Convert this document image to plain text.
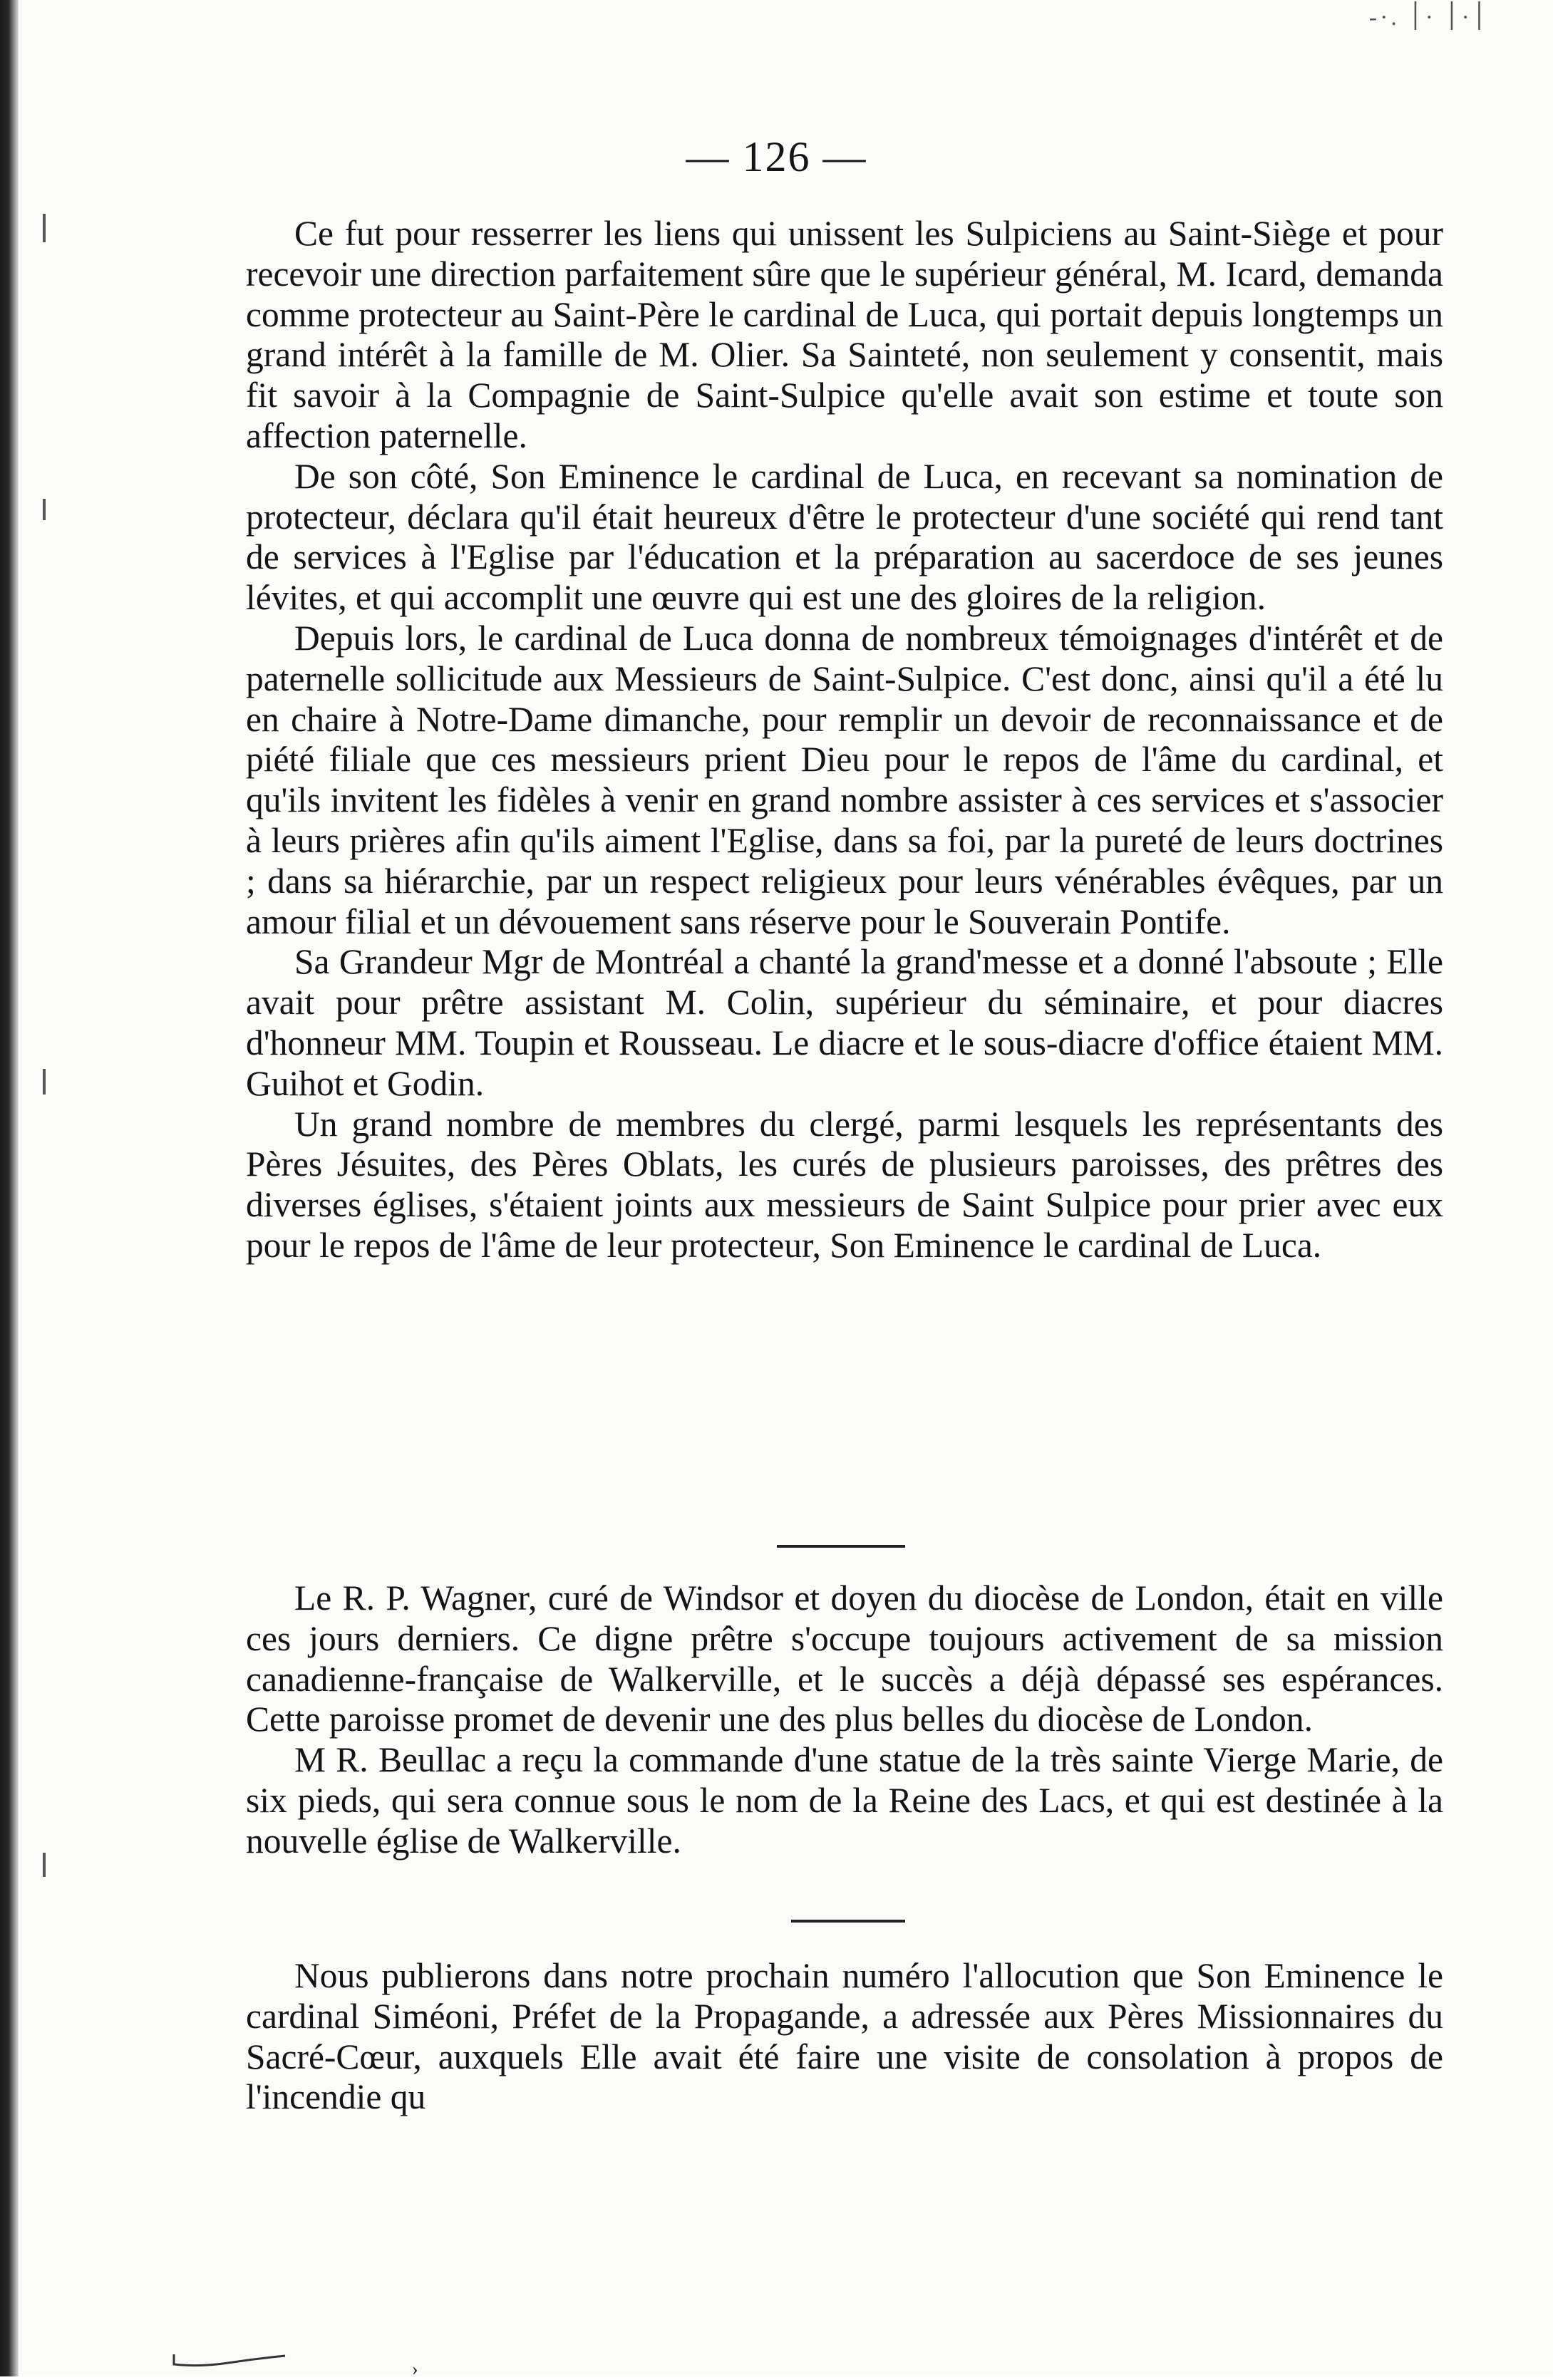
-·. ׀·׀ ·׀
— 126 —

Ce fut pour resserrer les liens qui unissent les Sulpiciens au Saint-Siège et pour recevoir une direction parfaitement sûre que le supérieur général, M. Icard, demanda comme protecteur au Saint-Père le cardinal de Luca, qui portait depuis longtemps un grand intérêt à la famille de M. Olier. Sa Sainteté, non seulement y consentit, mais fit savoir à la Compagnie de Saint-Sulpice qu'elle avait son estime et toute son affection paternelle.

De son côté, Son Eminence le cardinal de Luca, en recevant sa nomination de protecteur, déclara qu'il était heureux d'être le protecteur d'une société qui rend tant de services à l'Eglise par l'éducation et la préparation au sacerdoce de ses jeunes lévites, et qui accomplit une œuvre qui est une des gloires de la religion.

Depuis lors, le cardinal de Luca donna de nombreux témoignages d'intérêt et de paternelle sollicitude aux Messieurs de Saint-Sulpice. C'est donc, ainsi qu'il a été lu en chaire à Notre-Dame dimanche, pour remplir un devoir de reconnaissance et de piété filiale que ces messieurs prient Dieu pour le repos de l'âme du cardinal, et qu'ils invitent les fidèles à venir en grand nombre assister à ces services et s'associer à leurs prières afin qu'ils aiment l'Eglise, dans sa foi, par la pureté de leurs doctrines ; dans sa hiérarchie, par un respect religieux pour leurs vénérables évêques, par un amour filial et un dévouement sans réserve pour le Souverain Pontife.

Sa Grandeur Mgr de Montréal a chanté la grand'messe et a donné l'absoute ; Elle avait pour prêtre assistant M. Colin, supérieur du séminaire, et pour diacres d'honneur MM. Toupin et Rousseau. Le diacre et le sous-diacre d'office étaient MM. Guihot et Godin.

Un grand nombre de membres du clergé, parmi lesquels les représentants des Pères Jésuites, des Pères Oblats, les curés de plusieurs paroisses, des prêtres des diverses églises, s'étaient joints aux messieurs de Saint Sulpice pour prier avec eux pour le repos de l'âme de leur protecteur, Son Eminence le cardinal de Luca.

Le R. P. Wagner, curé de Windsor et doyen du diocèse de London, était en ville ces jours derniers. Ce digne prêtre s'occupe toujours activement de sa mission canadienne-française de Walkerville, et le succès a déjà dépassé ses espérances. Cette paroisse promet de devenir une des plus belles du diocèse de London.

M R. Beullac a reçu la commande d'une statue de la très sainte Vierge Marie, de six pieds, qui sera connue sous le nom de la Reine des Lacs, et qui est destinée à la nouvelle église de Walkerville.

Nous publierons dans notre prochain numéro l'allocution que Son Eminence le cardinal Siméoni, Préfet de la Propagande, a adressée aux Pères Missionnaires du Sacré-Cœur, auxquels Elle avait été faire une visite de consolation à propos de l'incendie qu

›
